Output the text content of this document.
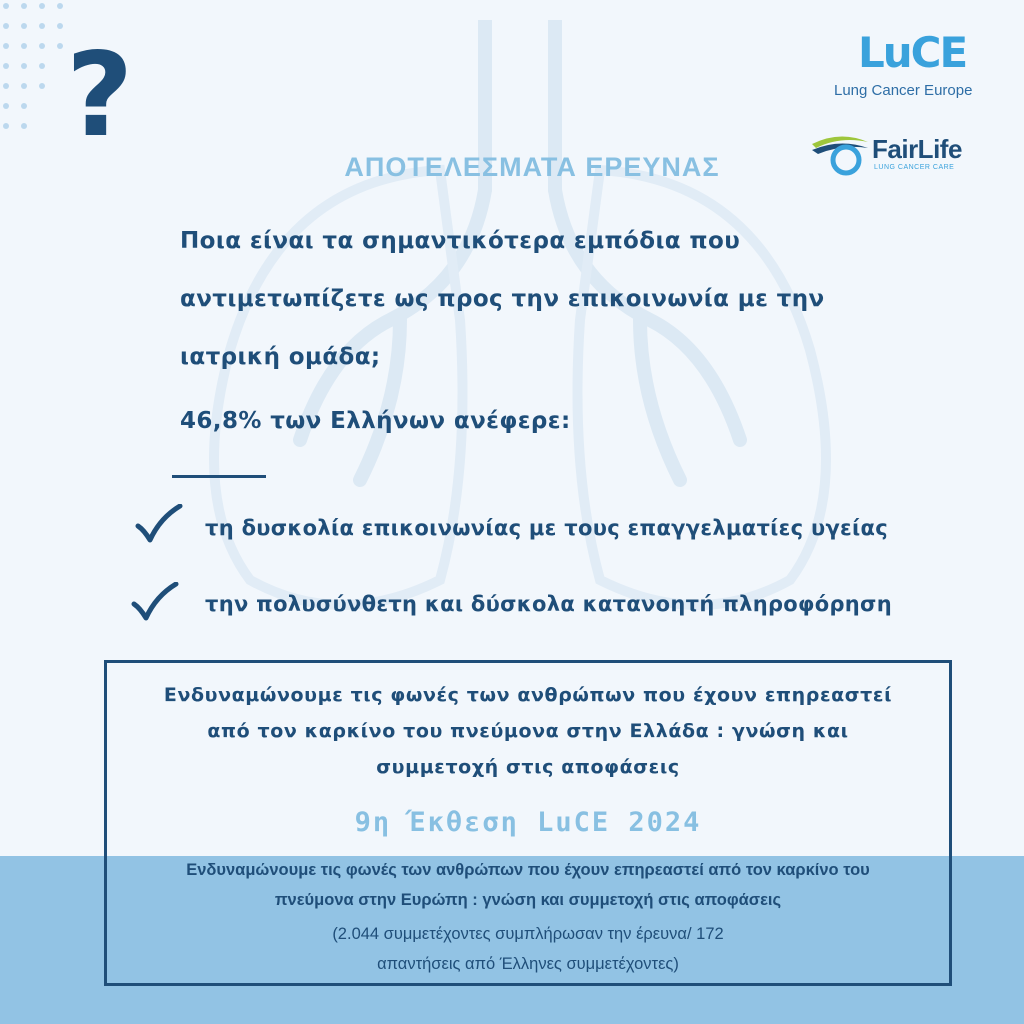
?	LuCE
Lung Cancer Europe
FairLife
LUNG CANCER CARE
ΑΠΟΤΕΛΕΣΜΑΤΑ ΕΡΕΥΝΑΣ
Ποια είναι τα σημαντικότερα εμπόδια που
αντιμετωπίζετε ως προς την επικοινωνία με την
ιατρική ομάδα;
46,8% των Ελλήνων ανέφερε:
τη δυσκολία επικοινωνίας με τους επαγγελματίες υγείας
την πολυσύνθετη και δύσκολα κατανοητή πληροφόρηση
Ενδυναμώνουμε τις φωνές των ανθρώπων που έχουν επηρεαστεί
από τον καρκίνο του πνεύμονα στην Ελλάδα : γνώση και
συμμετοχή στις αποφάσεις
9η Έκθεση LuCE 2024
Ενδυναμώνουμε τις φωνές των ανθρώπων που έχουν επηρεαστεί από τον καρκίνο του
πνεύμονα στην Ευρώπη : γνώση και συμμετοχή στις αποφάσεις
(2.044 συμμετέχοντες συμπλήρωσαν την έρευνα/ 172
απαντήσεις από Έλληνες συμμετέχοντες)
